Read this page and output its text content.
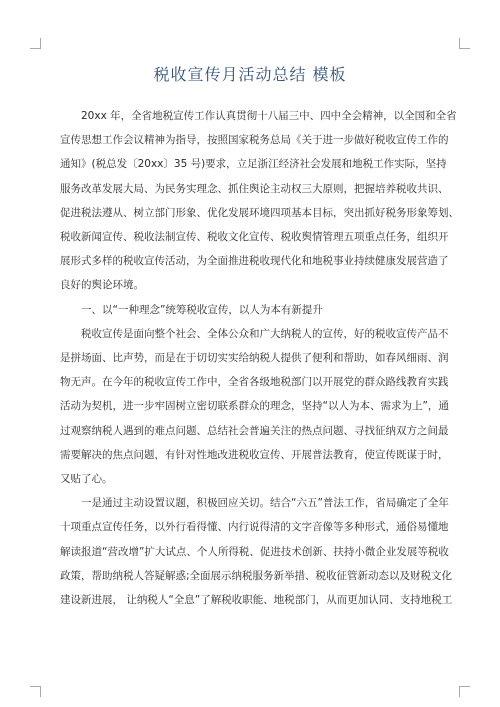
税收宣传月活动总结 模板

20xx 年，全省地税宣传工作认真贯彻十八届三中、四中全会精神，以全国和全省
宣传思想工作会议精神为指导，按照国家税务总局《关于进一步做好税收宣传工作的
通知》(税总发〔20xx〕35 号)要求，立足浙江经济社会发展和地税工作实际，坚持
服务改革发展大局、为民务实理念、抓住舆论主动权三大原则，把握培养税收共识、
促进税法遵从、树立部门形象、优化发展环境四项基本目标，突出抓好税务形象筹划、
税收新闻宣传、税收法制宣传、税收文化宣传、税收舆情管理五项重点任务，组织开
展形式多样的税收宣传活动，为全面推进税收现代化和地税事业持续健康发展营造了
良好的舆论环境。

一、以“一种理念”统筹税收宣传，以人为本有新提升

税收宣传是面向整个社会、全体公众和广大纳税人的宣传，好的税收宣传产品不
是拼场面、比声势，而是在于切切实实给纳税人提供了便利和帮助，如春风细雨、润
物无声。在今年的税收宣传工作中，全省各级地税部门以开展党的群众路线教育实践
活动为契机，进一步牢固树立密切联系群众的理念，坚持“以人为本、需求为上”，通
过观察纳税人遇到的难点问题、总结社会普遍关注的热点问题、寻找征纳双方之间最
需要解决的焦点问题，有针对性地改进税收宣传、开展普法教育，使宣传既谋于时，
又贴了心。

一是通过主动设置议题，积极回应关切。结合“六五”普法工作，省局确定了全年
十项重点宣传任务，以外行看得懂、内行说得清的文字音像等多种形式，通俗易懂地
解读报道“营改增”扩大试点、个人所得税、促进技术创新、扶持小微企业发展等税收
政策，帮助纳税人答疑解惑;全面展示纳税服务新举措、税收征管新动态以及财税文化
建设新进展， 让纳税人“全息”了解税收职能、地税部门，从而更加认同、支持地税工
